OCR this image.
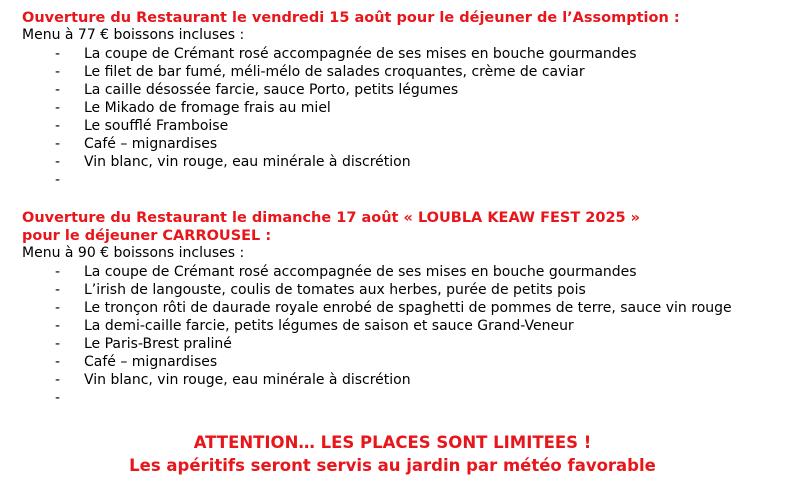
Ouverture du Restaurant le vendredi 15 août pour le déjeuner de l’Assomption :
Menu à 77 € boissons incluses :
- La coupe de Crémant rosé accompagnée de ses mises en bouche gourmandes
- Le filet de bar fumé, méli-mélo de salades croquantes, crème de caviar
- La caille désossée farcie, sauce Porto, petits légumes
- Le Mikado de fromage frais au miel
- Le soufflé Framboise
- Café – mignardises
- Vin blanc, vin rouge, eau minérale à discrétion
-
Ouverture du Restaurant le dimanche 17 août « LOUBLA KEAW FEST 2025 »
pour le déjeuner CARROUSEL :
Menu à 90 € boissons incluses :
- La coupe de Crémant rosé accompagnée de ses mises en bouche gourmandes
- L’irish de langouste, coulis de tomates aux herbes, purée de petits pois
- Le tronçon rôti de daurade royale enrobé de spaghetti de pommes de terre, sauce vin rouge
- La demi-caille farcie, petits légumes de saison et sauce Grand-Veneur
- Le Paris-Brest praliné
- Café – mignardises
- Vin blanc, vin rouge, eau minérale à discrétion
-
ATTENTION… LES PLACES SONT LIMITEES !
Les apéritifs seront servis au jardin par météo favorable
